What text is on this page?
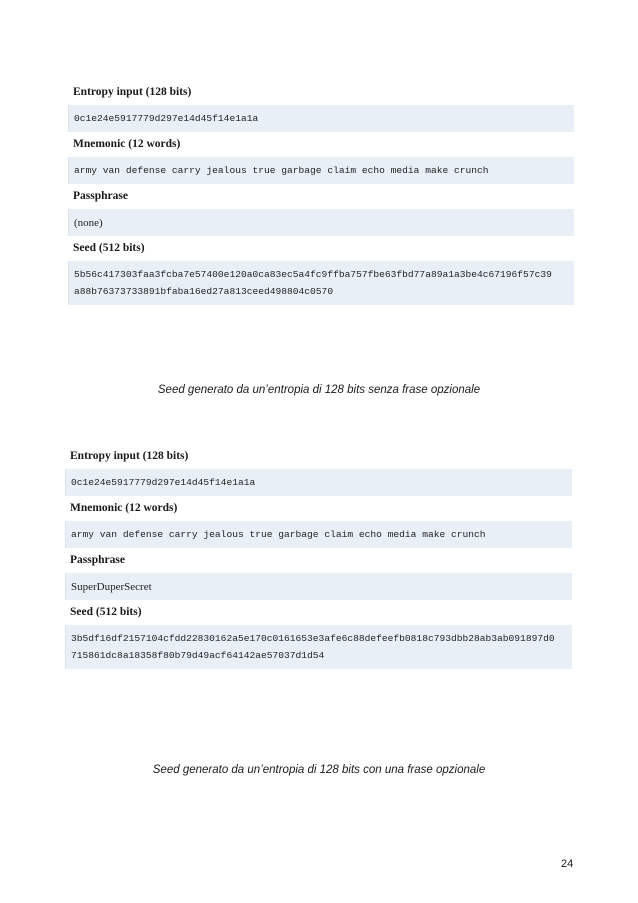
Entropy input (128 bits)
0c1e24e5917779d297e14d45f14e1a1a
Mnemonic (12 words)
army van defense carry jealous true garbage claim echo media make crunch
Passphrase
(none)
Seed (512 bits)
5b56c417303faa3fcba7e57400e120a0ca83ec5a4fc9ffba757fbe63fbd77a89a1a3be4c67196f57c39
a88b76373733891bfaba16ed27a813ceed498804c0570
Seed generato da un’entropia di 128 bits senza frase opzionale
Entropy input (128 bits)
0c1e24e5917779d297e14d45f14e1a1a
Mnemonic (12 words)
army van defense carry jealous true garbage claim echo media make crunch
Passphrase
SuperDuperSecret
Seed (512 bits)
3b5df16df2157104cfdd22830162a5e170c0161653e3afe6c88defeefb0818c793dbb28ab3ab091897d0
715861dc8a18358f80b79d49acf64142ae57037d1d54
Seed generato da un’entropia di 128 bits con una frase opzionale
24
